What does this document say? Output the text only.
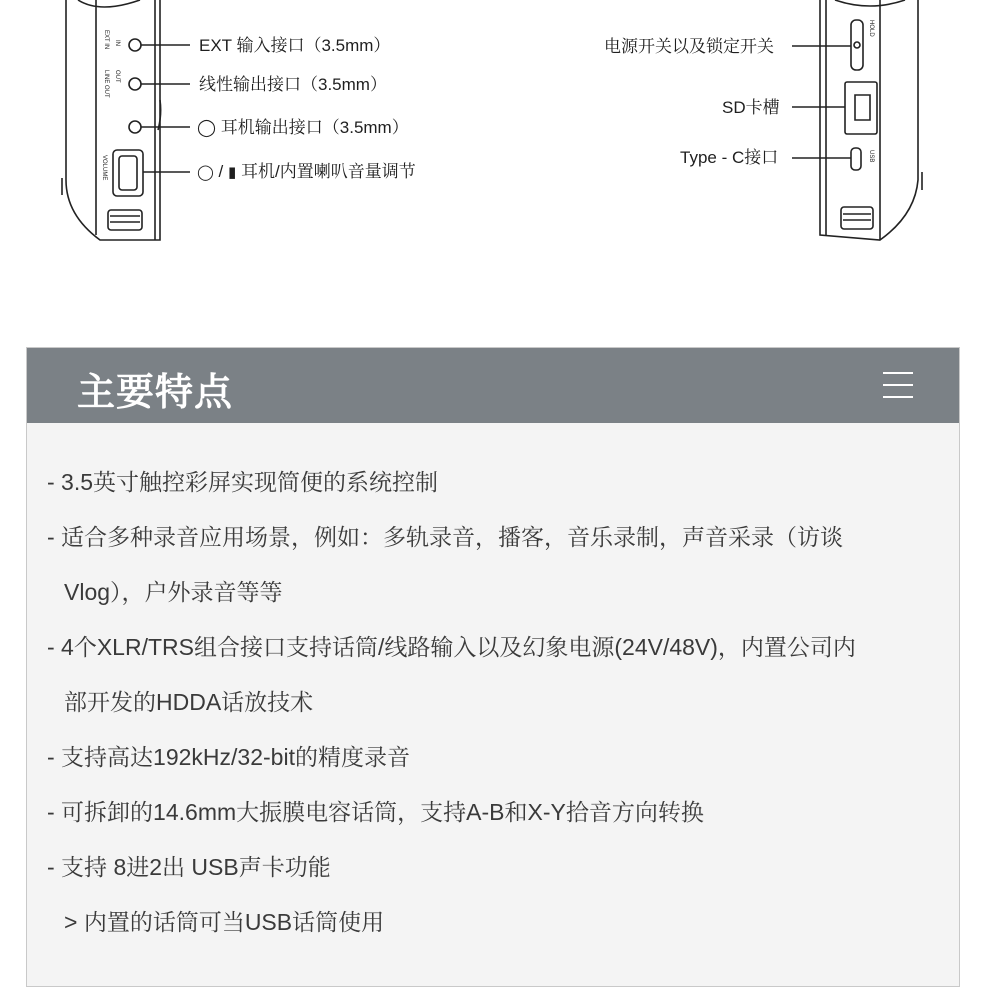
EXT IN IN
OUT
LINE OUT
VOLUME
HOLD
USB
EXT 输入接口（3.5mm）
线性输出接口（3.5mm）
◯ 耳机输出接口（3.5mm）
◯ / ▮ 耳机/内置喇叭音量调节
电源开关以及锁定开关
SD卡槽
Type - C接口
主要特点
- 3.5英寸触控彩屏实现简便的系统控制
- 适合多种录音应用场景，例如：多轨录音，播客，音乐录制，声音采录（访谈
Vlog），户外录音等等
- 4个XLR/TRS组合接口支持话筒/线路输入以及幻象电源(24V/48V)，内置公司内
部开发的HDDA话放技术
- 支持高达192kHz/32-bit的精度录音
- 可拆卸的14.6mm大振膜电容话筒，支持A-B和X-Y拾音方向转换
- 支持 8进2出 USB声卡功能
> 内置的话筒可当USB话筒使用
